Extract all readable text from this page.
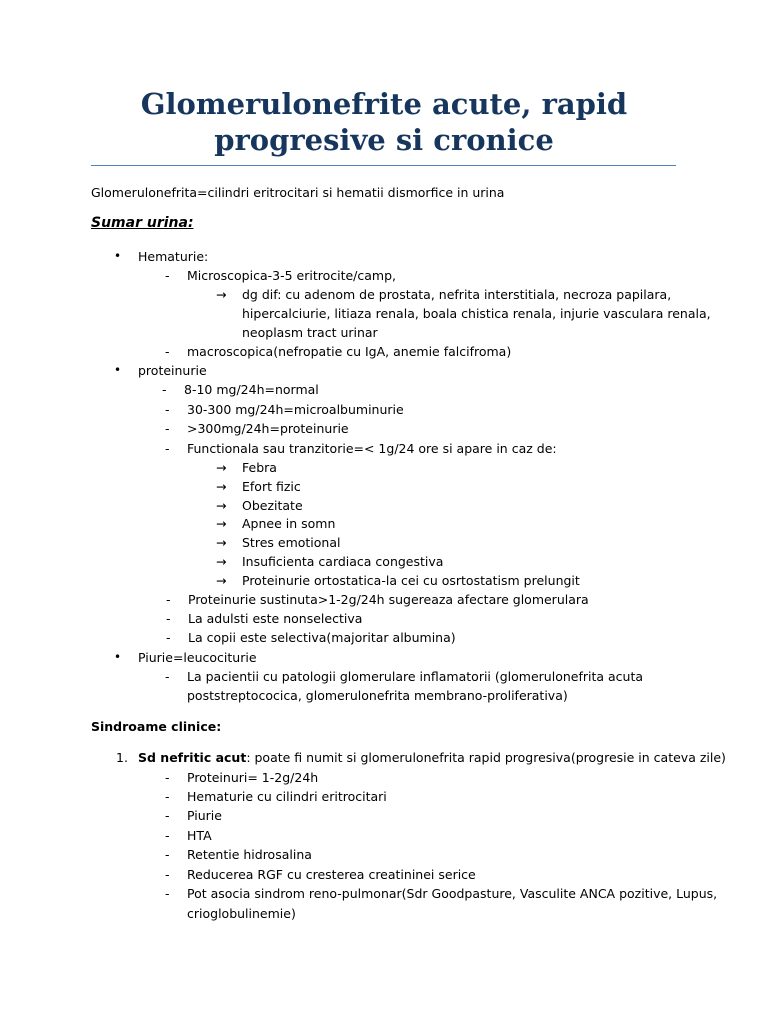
Glomerulonefrite acute, rapid
progresive si cronice
Glomerulonefrita=cilindri eritrocitari si hematii dismorfice in urina
Sumar urina:
• Hematurie:
- Microscopica-3-5 eritrocite/camp,
→ dg dif: cu adenom de prostata, nefrita interstitiala, necroza papilara,
hipercalciurie, litiaza renala, boala chistica renala, injurie vasculara renala,
neoplasm tract urinar
- macroscopica(nefropatie cu IgA, anemie falcifroma)
• proteinurie
- 8-10 mg/24h=normal
- 30-300 mg/24h=microalbuminurie
- >300mg/24h=proteinurie
- Functionala sau tranzitorie=< 1g/24 ore si apare in caz de:
→ Febra
→ Efort fizic
→ Obezitate
→ Apnee in somn
→ Stres emotional
→ Insuficienta cardiaca congestiva
→ Proteinurie ortostatica-la cei cu osrtostatism prelungit
- Proteinurie sustinuta>1-2g/24h sugereaza afectare glomerulara
- La adulsti este nonselectiva
- La copii este selectiva(majoritar albumina)
• Piurie=leucociturie
- La pacientii cu patologii glomerulare inflamatorii (glomerulonefrita acuta
poststreptococica, glomerulonefrita membrano-proliferativa)
Sindroame clinice:
1. Sd nefritic acut: poate fi numit si glomerulonefrita rapid progresiva(progresie in cateva zile)
- Proteinuri= 1-2g/24h
- Hematurie cu cilindri eritrocitari
- Piurie
- HTA
- Retentie hidrosalina
- Reducerea RGF cu cresterea creatininei serice
- Pot asocia sindrom reno-pulmonar(Sdr Goodpasture, Vasculite ANCA pozitive, Lupus,
crioglobulinemie)
